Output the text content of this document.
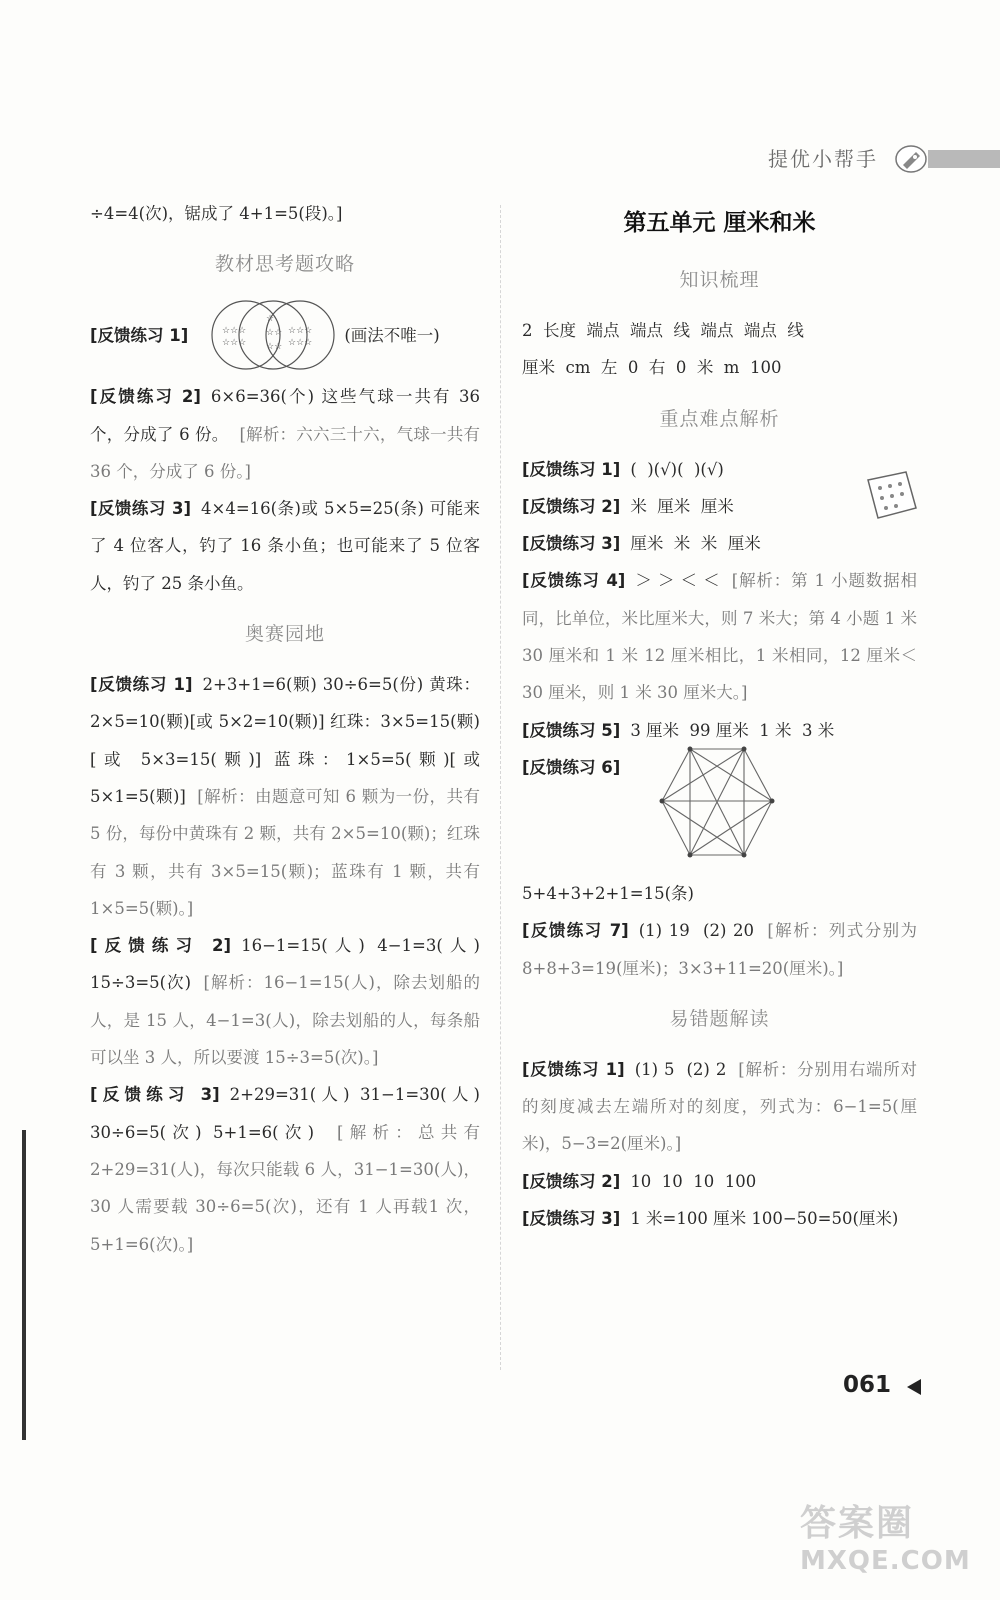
提优小帮手

÷4=4(次)，锯成了 4+1=5(段)。]

教材思考题攻略
[反馈练习 1]	☆☆☆
☆☆☆
☆
☆☆
☆☆
☆☆☆
☆☆☆ (画法不唯一)

[反馈练习 2] 6×6=36(个) 这些气球一共有 36 个，分成了 6 份。 [解析：六六三十六，气球一共有 36 个，分成了 6 份。]

[反馈练习 3] 4×4=16(条)或 5×5=25(条) 可能来了 4 位客人，钓了 16 条小鱼；也可能来了 5 位客人，钓了 25 条小鱼。

奥赛园地

[反馈练习 1] 2+3+1=6(颗) 30÷6=5(份) 黄珠：2×5=10(颗)[或 5×2=10(颗)] 红珠：3×5=15(颗)[或 5×3=15(颗)] 蓝珠：1×5=5(颗)[或 5×1=5(颗)] [解析：由题意可知 6 颗为一份，共有 5 份，每份中黄珠有 2 颗，共有 2×5=10(颗)；红珠有 3 颗，共有 3×5=15(颗)；蓝珠有 1 颗，共有 1×5=5(颗)。]

[反馈练习 2] 16−1=15(人) 4−1=3(人) 15÷3=5(次) [解析：16−1=15(人)，除去划船的人，是 15 人，4−1=3(人)，除去划船的人，每条船可以坐 3 人，所以要渡 15÷3=5(次)。]

[反馈练习 3] 2+29=31(人) 31−1=30(人) 30÷6=5(次) 5+1=6(次) [解析：总共有 2+29=31(人)，每次只能载 6 人，31−1=30(人)，30 人需要载 30÷6=5(次)，还有 1 人再载1 次，5+1=6(次)。]

第五单元 厘米和米
知识梳理

2  长度  端点  端点  线  端点  端点  线

厘米  cm  左  0  右  0  米  m  100

重点难点解析

[反馈练习 1] (  )(√)(  )(√)

[反馈练习 2] 米  厘米  厘米

[反馈练习 3] 厘米  米  米  厘米

[反馈练习 4] ＞ ＞ ＜ ＜ [解析：第 1 小题数据相同，比单位，米比厘米大，则 7 米大；第 4 小题 1 米 30 厘米和 1 米 12 厘米相比，1 米相同，12 厘米＜30 厘米，则 1 米 30 厘米大。]

[反馈练习 5] 3 厘米  99 厘米  1 米  3 米

[反馈练习 6]

5+4+3+2+1=15(条)

[反馈练习 7] (1) 19  (2) 20 [解析：列式分别为 8+8+3=19(厘米)；3×3+11=20(厘米)。]

易错题解读

[反馈练习 1] (1) 5  (2) 2 [解析：分别用右端所对的刻度减去左端所对的刻度，列式为：6−1=5(厘米)，5−3=2(厘米)。]

[反馈练习 2] 10  10  10  100

[反馈练习 3] 1 米=100 厘米 100−50=50(厘米)

061
答案圈
MXQE.COM
